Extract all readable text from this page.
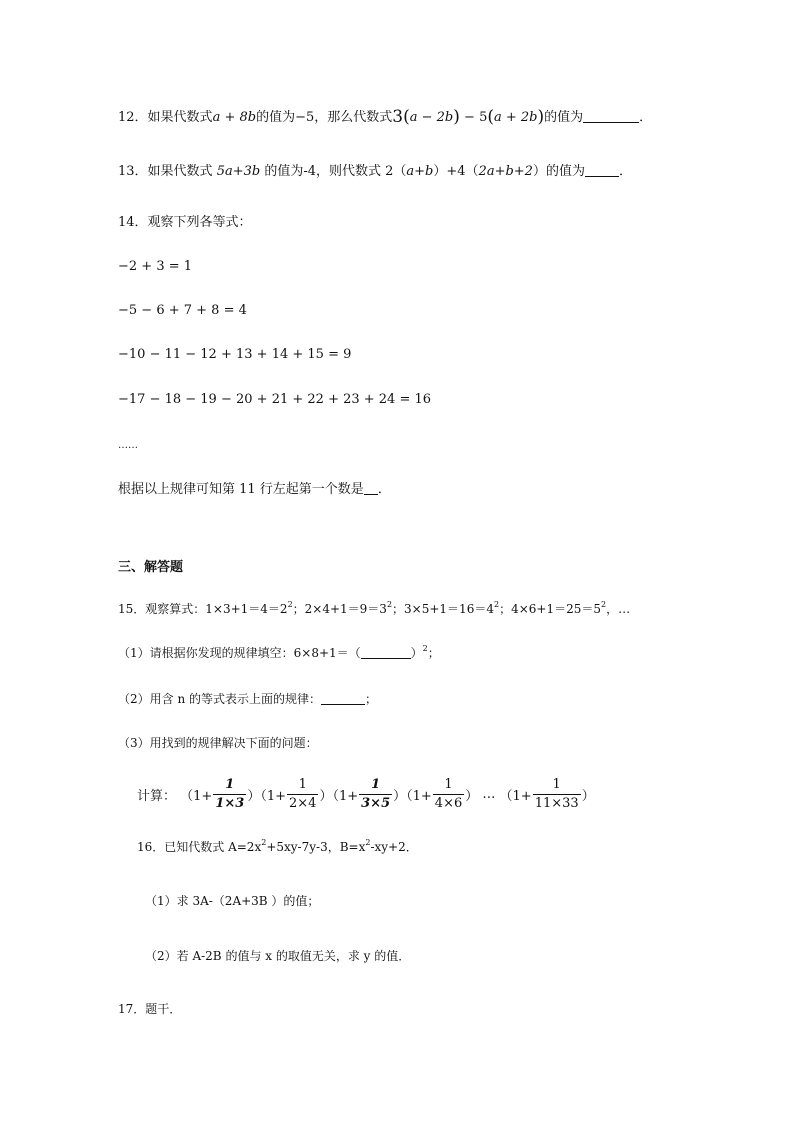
12．如果代数式a + 8b的值为−5，那么代数式3(a − 2b) − 5(a + 2b)的值为	．
13．如果代数式 5a+3b 的值为-4，则代数式 2（a+b）+4（2a+b+2）的值为	．
14．观察下列各等式：
−2 + 3 = 1
−5 − 6 + 7 + 8 = 4
−10 − 11 − 12 + 13 + 14 + 15 = 9
−17 − 18 − 19 − 20 + 21 + 22 + 23 + 24 = 16
……
根据以上规律可知第 11 行左起第一个数是 ．
三、解答题
15．观察算式：$1\times 3+1=4=2^2$；$2\times 4+1=9=3^2$；$3\times 5+1=16=4^2$；$4\times 6+1=25=5^2$，…
（1）请根据你发现的规律填空：6×8+1＝（	）$^2$；
（2）用含 n 的等式表示上面的规律：	；
（3）用找到的规律解决下面的问题：
计算： $(1+ \frac{1}{1\times 3} )(1+ \frac{1}{2\times 4} )(1+ \frac{1}{3\times 5} )(1+ \frac{1}{4\times 6}$ ） … （$1+ \frac{1}{11\times 33}$ ）
16．已知代数式 $A=2x^2+5xy-7y-3$，$B=x^2-xy+2$．
（1）求 3A-（2A+3B ）的值；
（2）若 A-2B 的值与 x 的取值无关，求 y 的值．
17．题干．
